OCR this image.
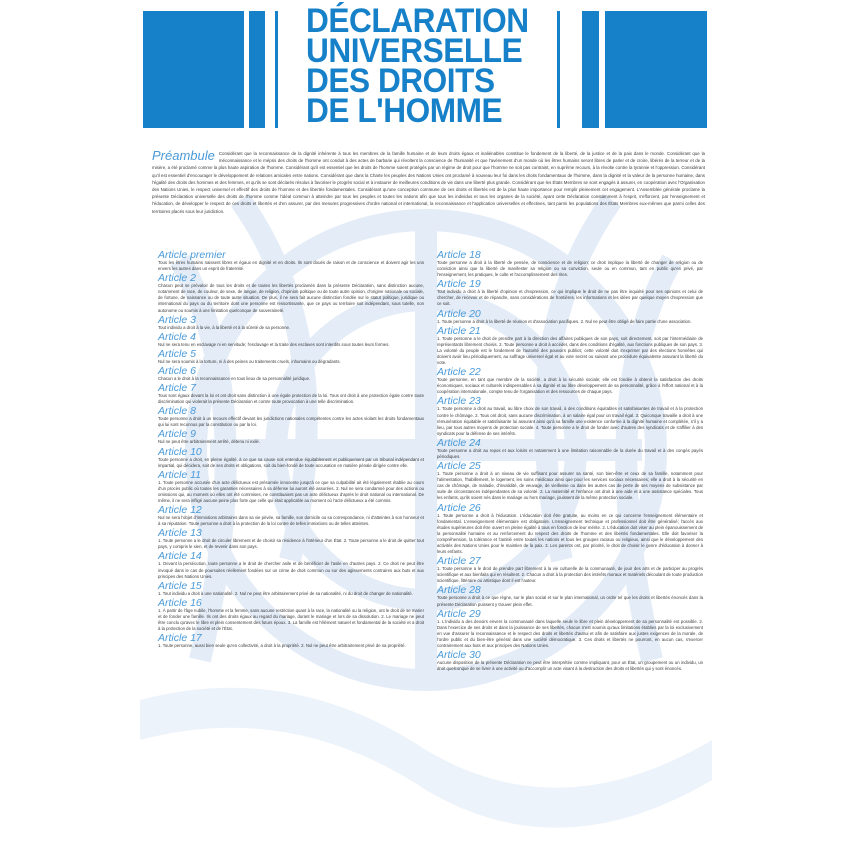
DÉCLARATION
UNIVERSELLE
DES DROITS
DE L'HOMME
Préambule Considérant que la reconnaissance de la dignité inhérente à tous les membres de la famille humaine et de leurs droits égaux et inaliénables constitue le fondement de la liberté, de la justice et de la paix dans le monde. Considérant que la méconnaissance et le mépris des droits de l'homme ont conduit à des actes de barbarie qui révoltent la conscience de l'humanité et que l'avènement d'un monde où les êtres humains seront libres de parler et de croire, libérés de la terreur et de la misère, a été proclamé comme la plus haute aspiration de l'homme. Considérant qu'il est essentiel que les droits de l'homme soient protégés par un régime de droit pour que l'homme ne soit pas contraint, en suprême recours, à la révolte contre la tyrannie et l'oppression. Considérant qu'il est essentiel d'encourager le développement de relations amicales entre nations. Considérant que dans la Charte les peuples des Nations Unies ont proclamé à nouveau leur foi dans les droits fondamentaux de l'homme, dans la dignité et la valeur de la personne humaine, dans l'égalité des droits des hommes et des femmes, et qu'ils se sont déclarés résolus à favoriser le progrès social et à instaurer de meilleures conditions de vie dans une liberté plus grande. Considérant que les États Membres se sont engagés à assurer, en coopération avec l'Organisation des Nations Unies, le respect universel et effectif des droits de l'homme et des libertés fondamentales. Considérant qu'une conception commune de ces droits et libertés est de la plus haute importance pour remplir pleinement cet engagement. L'Assemblée générale proclame la présente Déclaration universelle des droits de l'homme comme l'idéal commun à atteindre par tous les peuples et toutes les nations afin que tous les individus et tous les organes de la société, ayant cette Déclaration constamment à l'esprit, s'efforcent, par l'enseignement et l'éducation, de développer le respect de ces droits et libertés et d'en assurer, par des mesures progressives d'ordre national et international, la reconnaissance et l'application universelles et effectives, tant parmi les populations des États Membres eux-mêmes que parmi celles des territoires placés sous leur juridiction.
Article premier

Tous les êtres humains naissent libres et égaux en dignité et en droits. Ils sont doués de raison et de conscience et doivent agir les uns envers les autres dans un esprit de fraternité.

Article 2

Chacun peut se prévaloir de tous les droits et de toutes les libertés proclamés dans la présente Déclaration, sans distinction aucune, notamment de race, de couleur, de sexe, de langue, de religion, d'opinion politique ou de toute autre opinion, d'origine nationale ou sociale, de fortune, de naissance ou de toute autre situation. De plus, il ne sera fait aucune distinction fondée sur le statut politique, juridique ou international du pays ou du territoire dont une personne est ressortissante, que ce pays ou territoire soit indépendant, sous tutelle, non autonome ou soumis à une limitation quelconque de souveraineté.

Article 3

Tout individu a droit à la vie, à la liberté et à la sûreté de sa personne.

Article 4

Nul ne sera tenu en esclavage ni en servitude; l'esclavage et la traite des esclaves sont interdits sous toutes leurs formes.

Article 5

Nul ne sera soumis à la torture, ni à des peines ou traitements cruels, inhumains ou dégradants.

Article 6

Chacun a le droit à la reconnaissance en tous lieux de sa personnalité juridique.

Article 7

Tous sont égaux devant la loi et ont droit sans distinction à une égale protection de la loi. Tous ont droit à une protection égale contre toute discrimination qui violerait la présente Déclaration et contre toute provocation à une telle discrimination.

Article 8

Toute personne a droit à un recours effectif devant les juridictions nationales compétentes contre les actes violant les droits fondamentaux qui lui sont reconnus par la constitution ou par la loi.

Article 9

Nul ne peut être arbitrairement arrêté, détenu ni exilé.

Article 10

Toute personne a droit, en pleine égalité, à ce que sa cause soit entendue équitablement et publiquement par un tribunal indépendant et impartial, qui décidera, soit de ses droits et obligations, soit du bien-fondé de toute accusation en matière pénale dirigée contre elle.

Article 11

1. Toute personne accusée d'un acte délictueux est présumée innocente jusqu'à ce que sa culpabilité ait été légalement établie au cours d'un procès public où toutes les garanties nécessaires à sa défense lui auront été assurées. 2. Nul ne sera condamné pour des actions ou omissions qui, au moment où elles ont été commises, ne constituaient pas un acte délictueux d'après le droit national ou international. De même, il ne sera infligé aucune peine plus forte que celle qui était applicable au moment où l'acte délictueux a été commis.

Article 12

Nul ne sera l'objet d'immixtions arbitraires dans sa vie privée, sa famille, son domicile ou sa correspondance, ni d'atteintes à son honneur et à sa réputation. Toute personne a droit à la protection de la loi contre de telles immixtions ou de telles atteintes.

Article 13

1. Toute personne a le droit de circuler librement et de choisir sa résidence à l'intérieur d'un État. 2. Toute personne a le droit de quitter tout pays, y compris le sien, et de revenir dans son pays.

Article 14

1. Devant la persécution, toute personne a le droit de chercher asile et de bénéficier de l'asile en d'autres pays. 2. Ce droit ne peut être invoqué dans le cas de poursuites réellement fondées sur un crime de droit commun ou sur des agissements contraires aux buts et aux principes des Nations Unies.

Article 15

1. Tout individu a droit à une nationalité. 2. Nul ne peut être arbitrairement privé de sa nationalité, ni du droit de changer de nationalité.

Article 16

1. À partir de l'âge nubile, l'homme et la femme, sans aucune restriction quant à la race, la nationalité ou la religion, ont le droit de se marier et de fonder une famille. Ils ont des droits égaux au regard du mariage, durant le mariage et lors de sa dissolution. 2. Le mariage ne peut être conclu qu'avec le libre et plein consentement des futurs époux. 3. La famille est l'élément naturel et fondamental de la société et a droit à la protection de la société et de l'État.

Article 17

1. Toute personne, aussi bien seule qu'en collectivité, a droit à la propriété. 2. Nul ne peut être arbitrairement privé de sa propriété.

Article 18

Toute personne a droit à la liberté de pensée, de conscience et de religion; ce droit implique la liberté de changer de religion ou de conviction ainsi que la liberté de manifester sa religion ou sa conviction, seule ou en commun, tant en public qu'en privé, par l'enseignement, les pratiques, le culte et l'accomplissement des rites.

Article 19

Tout individu a droit à la liberté d'opinion et d'expression, ce qui implique le droit de ne pas être inquiété pour ses opinions et celui de chercher, de recevoir et de répandre, sans considérations de frontières, les informations et les idées par quelque moyen d'expression que ce soit.

Article 20

1. Toute personne a droit à la liberté de réunion et d'association pacifiques. 2. Nul ne peut être obligé de faire partie d'une association.

Article 21

1. Toute personne a le droit de prendre part à la direction des affaires publiques de son pays, soit directement, soit par l'intermédiaire de représentants librement choisis. 2. Toute personne a droit à accéder, dans des conditions d'égalité, aux fonctions publiques de son pays. 3. La volonté du peuple est le fondement de l'autorité des pouvoirs publics; cette volonté doit s'exprimer par des élections honnêtes qui doivent avoir lieu périodiquement, au suffrage universel égal et au vote secret ou suivant une procédure équivalente assurant la liberté du vote.

Article 22

Toute personne, en tant que membre de la société, a droit à la sécurité sociale; elle est fondée à obtenir la satisfaction des droits économiques, sociaux et culturels indispensables à sa dignité et au libre développement de sa personnalité, grâce à l'effort national et à la coopération internationale, compte tenu de l'organisation et des ressources de chaque pays.

Article 23

1. Toute personne a droit au travail, au libre choix de son travail, à des conditions équitables et satisfaisantes de travail et à la protection contre le chômage. 2. Tous ont droit, sans aucune discrimination, à un salaire égal pour un travail égal. 3. Quiconque travaille a droit à une rémunération équitable et satisfaisante lui assurant ainsi qu'à sa famille une existence conforme à la dignité humaine et complétée, s'il y a lieu, par tous autres moyens de protection sociale. 4. Toute personne a le droit de fonder avec d'autres des syndicats et de s'affilier à des syndicats pour la défense de ses intérêts.

Article 24

Toute personne a droit au repos et aux loisirs et notamment à une limitation raisonnable de la durée du travail et à des congés payés périodiques.

Article 25

1. Toute personne a droit à un niveau de vie suffisant pour assurer sa santé, son bien-être et ceux de sa famille, notamment pour l'alimentation, l'habillement, le logement, les soins médicaux ainsi que pour les services sociaux nécessaires; elle a droit à la sécurité en cas de chômage, de maladie, d'invalidité, de veuvage, de vieillesse ou dans les autres cas de perte de ses moyens de subsistance par suite de circonstances indépendantes de sa volonté. 2. La maternité et l'enfance ont droit à une aide et à une assistance spéciales. Tous les enfants, qu'ils soient nés dans le mariage ou hors mariage, jouissent de la même protection sociale.

Article 26

1. Toute personne a droit à l'éducation. L'éducation doit être gratuite, au moins en ce qui concerne l'enseignement élémentaire et fondamental. L'enseignement élémentaire est obligatoire. L'enseignement technique et professionnel doit être généralisé; l'accès aux études supérieures doit être ouvert en pleine égalité à tous en fonction de leur mérite. 2. L'éducation doit viser au plein épanouissement de la personnalité humaine et au renforcement du respect des droits de l'homme et des libertés fondamentales. Elle doit favoriser la compréhension, la tolérance et l'amitié entre toutes les nations et tous les groupes raciaux ou religieux, ainsi que le développement des activités des Nations Unies pour le maintien de la paix. 3. Les parents ont, par priorité, le droit de choisir le genre d'éducation à donner à leurs enfants.

Article 27

1. Toute personne a le droit de prendre part librement à la vie culturelle de la communauté, de jouir des arts et de participer au progrès scientifique et aux bienfaits qui en résultent. 2. Chacun a droit à la protection des intérêts moraux et matériels découlant de toute production scientifique, littéraire ou artistique dont il est l'auteur.

Article 28

Toute personne a droit à ce que règne, sur le plan social et sur le plan international, un ordre tel que les droits et libertés énoncés dans la présente Déclaration puissent y trouver plein effet.

Article 29

1. L'individu a des devoirs envers la communauté dans laquelle seule le libre et plein développement de sa personnalité est possible. 2. Dans l'exercice de ses droits et dans la jouissance de ses libertés, chacun n'est soumis qu'aux limitations établies par la loi exclusivement en vue d'assurer la reconnaissance et le respect des droits et libertés d'autrui et afin de satisfaire aux justes exigences de la morale, de l'ordre public et du bien-être général dans une société démocratique. 3. Ces droits et libertés ne pourront, en aucun cas, s'exercer contrairement aux buts et aux principes des Nations Unies.

Article 30

Aucune disposition de la présente Déclaration ne peut être interprétée comme impliquant, pour un État, un groupement ou un individu, un droit quelconque de se livrer à une activité ou d'accomplir un acte visant à la destruction des droits et libertés qui y sont énoncés.
